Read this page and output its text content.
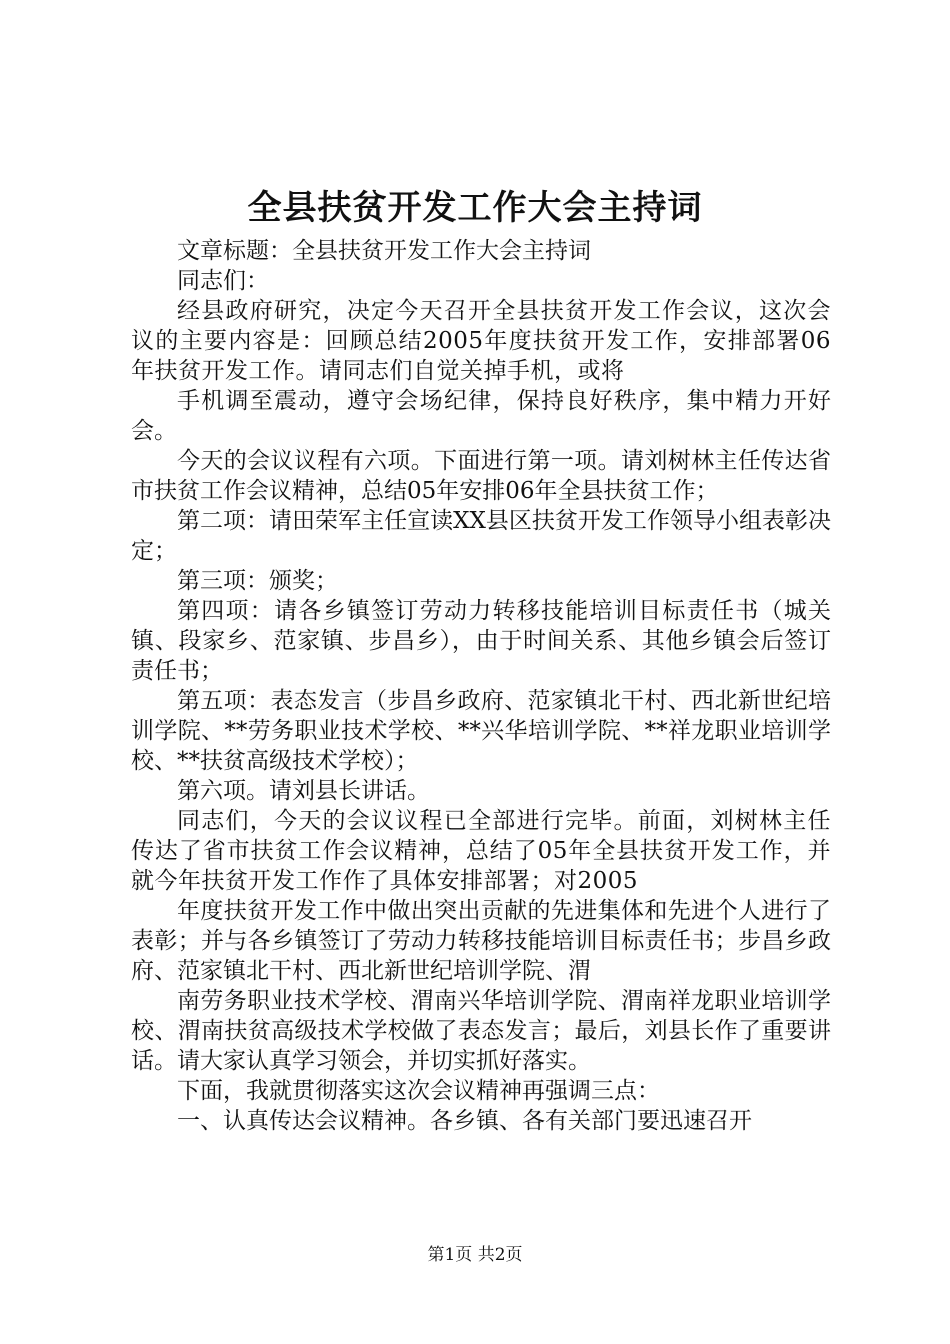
全县扶贫开发工作大会主持词

文章标题：全县扶贫开发工作大会主持词

同志们：

经县政府研究，决定今天召开全县扶贫开发工作会议，这次会议的主要内容是：回顾总结2005年度扶贫开发工作，安排部署06年扶贫开发工作。请同志们自觉关掉手机，或将

手机调至震动，遵守会场纪律，保持良好秩序，集中精力开好会。

今天的会议议程有六项。下面进行第一项。请刘树林主任传达省市扶贫工作会议精神，总结05年安排06年全县扶贫工作；

第二项：请田荣军主任宣读XX县区扶贫开发工作领导小组表彰决定；

第三项：颁奖；

第四项：请各乡镇签订劳动力转移技能培训目标责任书（城关镇、段家乡、范家镇、步昌乡），由于时间关系、其他乡镇会后签订责任书；

第五项：表态发言（步昌乡政府、范家镇北干村、西北新世纪培训学院、**劳务职业技术学校、**兴华培训学院、**祥龙职业培训学校、**扶贫高级技术学校）；

第六项。请刘县长讲话。

同志们，今天的会议议程已全部进行完毕。前面，刘树林主任传达了省市扶贫工作会议精神，总结了05年全县扶贫开发工作，并就今年扶贫开发工作作了具体安排部署；对2005

年度扶贫开发工作中做出突出贡献的先进集体和先进个人进行了表彰；并与各乡镇签订了劳动力转移技能培训目标责任书；步昌乡政府、范家镇北干村、西北新世纪培训学院、渭

南劳务职业技术学校、渭南兴华培训学院、渭南祥龙职业培训学校、渭南扶贫高级技术学校做了表态发言；最后，刘县长作了重要讲话。请大家认真学习领会，并切实抓好落实。

下面，我就贯彻落实这次会议精神再强调三点：

一、认真传达会议精神。各乡镇、各有关部门要迅速召开

第1页 共2页
